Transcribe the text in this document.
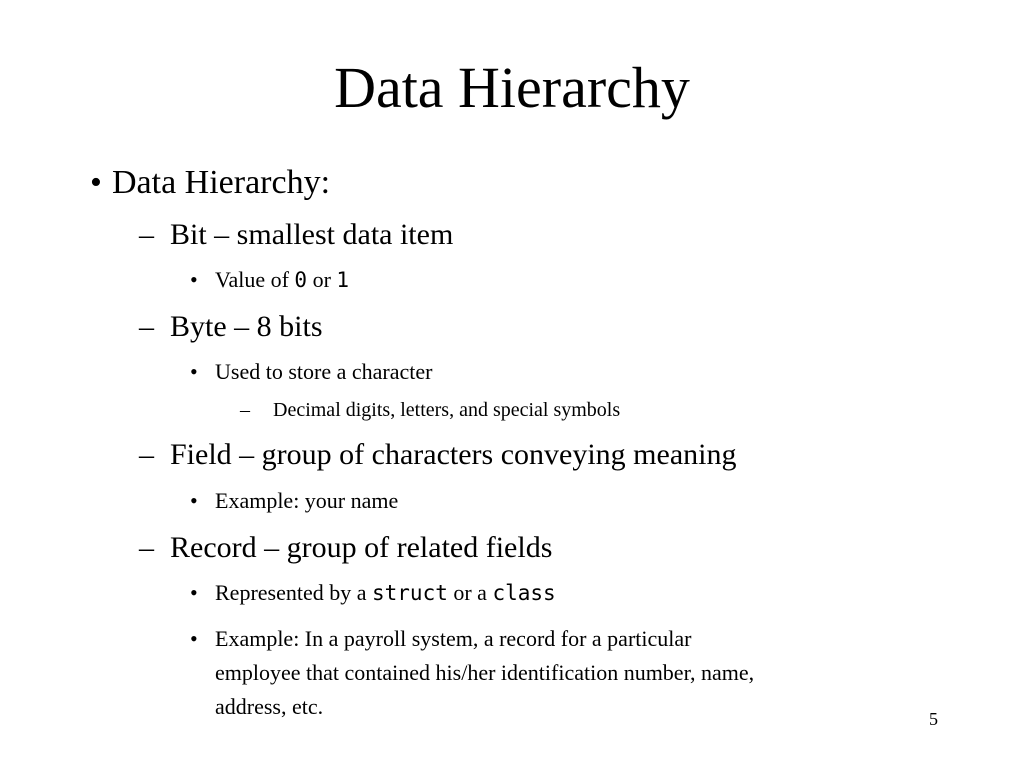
Data Hierarchy
• Data Hierarchy:
– Bit – smallest data item
• Value of 0 or 1
– Byte – 8 bits
• Used to store a character
– Decimal digits, letters, and special symbols
– Field – group of characters conveying meaning
• Example: your name
– Record – group of related fields
• Represented by a struct or a class
• Example: In a payroll system, a record for a particular
employee that contained his/her identification number, name,
address, etc.	5
